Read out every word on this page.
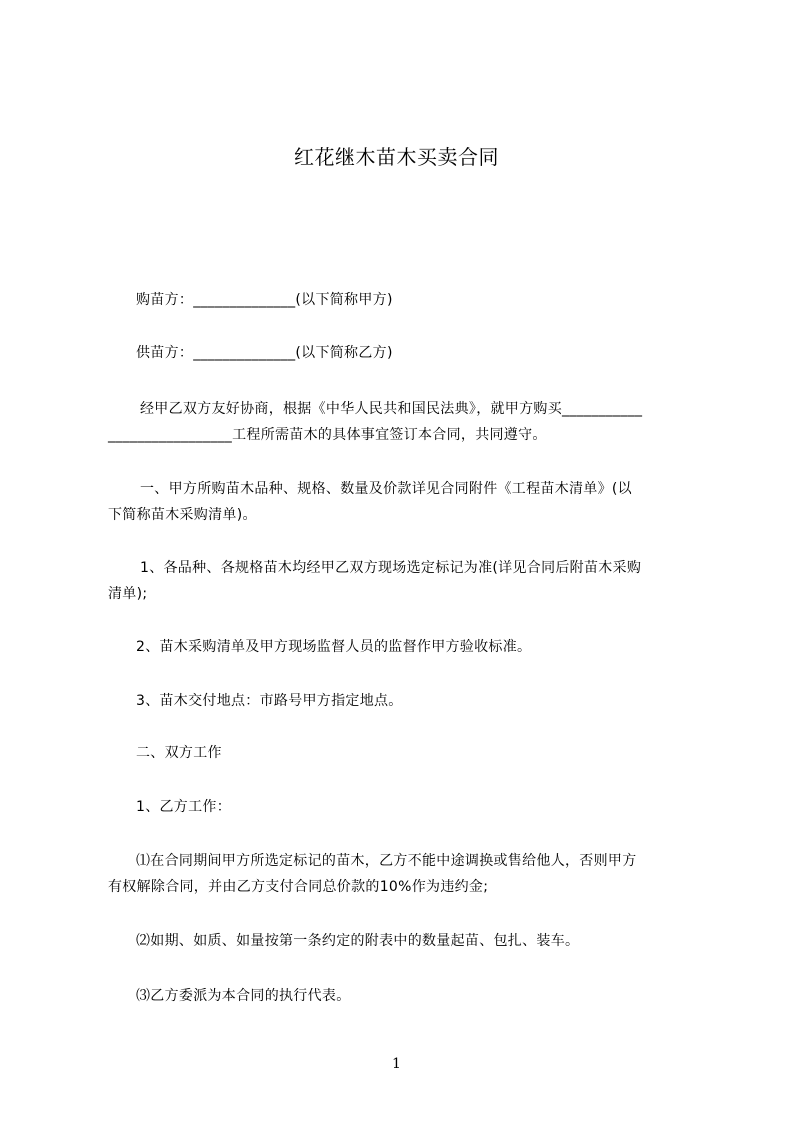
红花继木苗木买卖合同
购苗方：______________(以下简称甲方)
供苗方：______________(以下简称乙方)
经甲乙双方友好协商，根据《中华人民共和国民法典》，就甲方购买___________
_________________工程所需苗木的具体事宜签订本合同，共同遵守。
一、甲方所购苗木品种、规格、数量及价款详见合同附件《工程苗木清单》(以
下简称苗木采购清单)。
1、各品种、各规格苗木均经甲乙双方现场选定标记为准(详见合同后附苗木采购
清单);
2、苗木采购清单及甲方现场监督人员的监督作甲方验收标准。
3、苗木交付地点：市路号甲方指定地点。
二、双方工作
1、乙方工作：
⑴在合同期间甲方所选定标记的苗木，乙方不能中途调换或售给他人，否则甲方
有权解除合同，并由乙方支付合同总价款的10%作为违约金;
⑵如期、如质、如量按第一条约定的附表中的数量起苗、包扎、装车。
⑶乙方委派为本合同的执行代表。
1
